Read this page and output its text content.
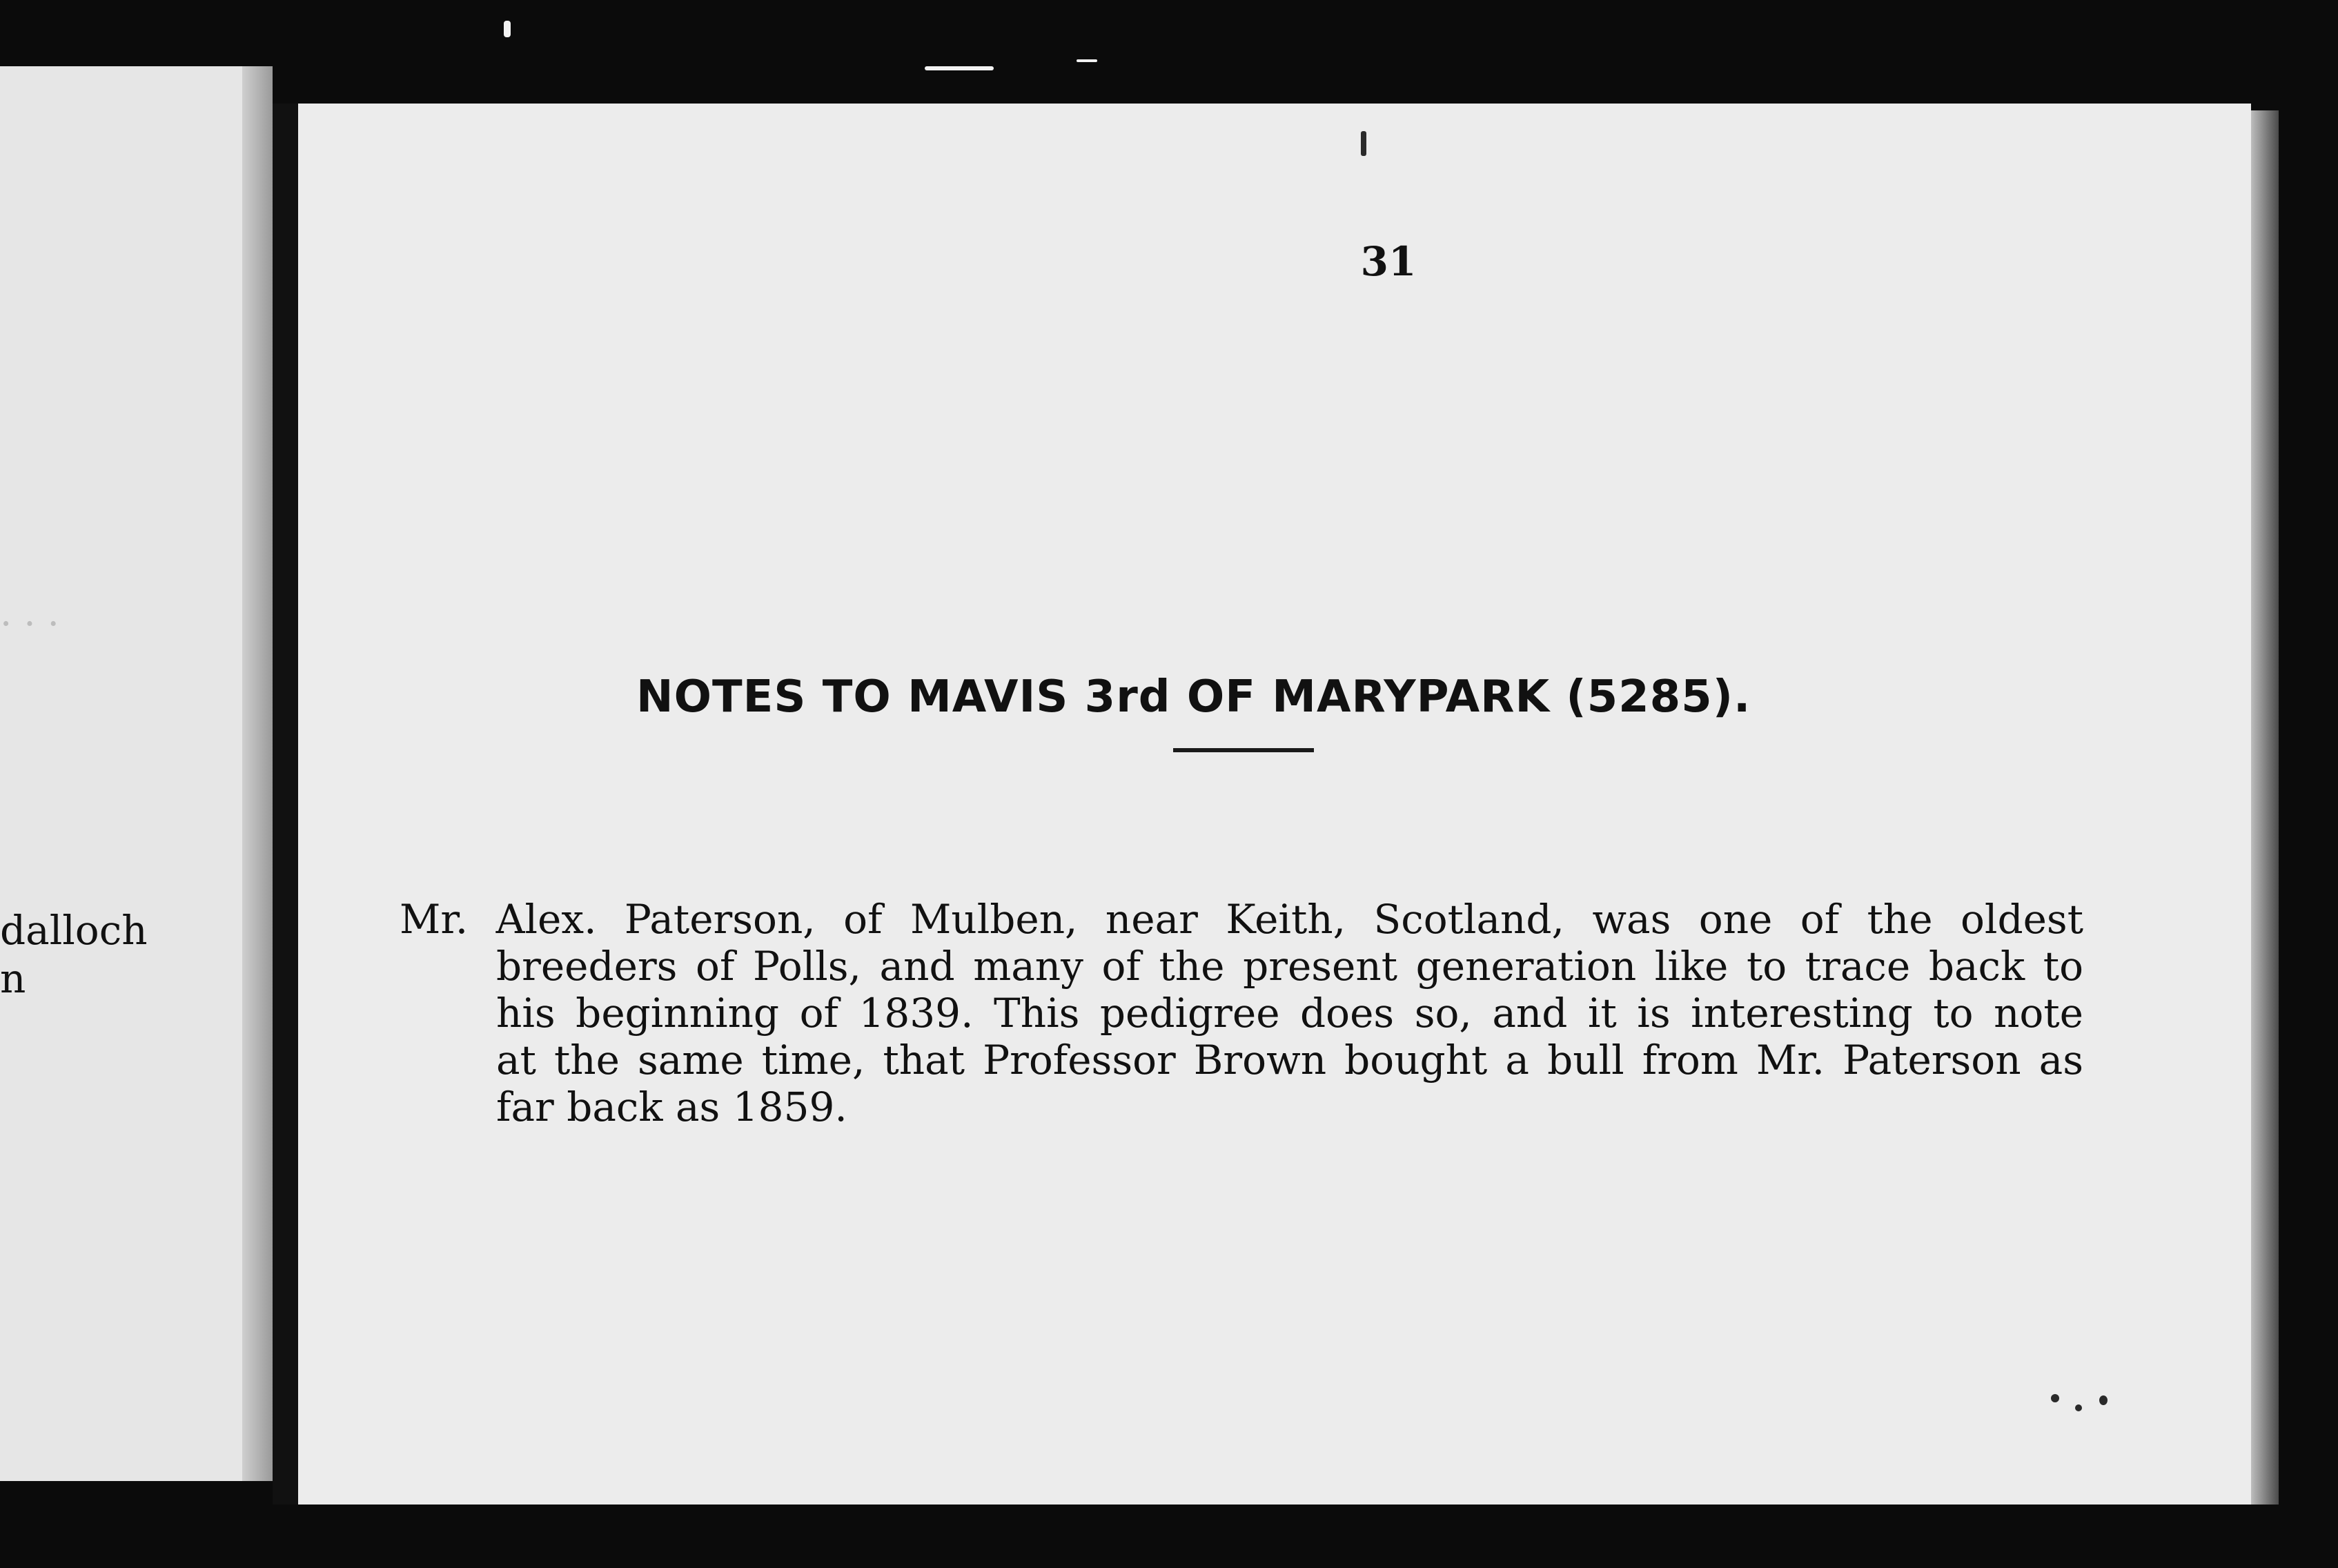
. . .
dalloch
n
31
NOTES TO MAVIS 3rd OF MARYPARK (5285).
Mr. Alex. Paterson, of Mulben, near Keith, Scotland, was one of the oldest
breeders of Polls, and many of the present generation like to trace back to
his beginning of 1839. This pedigree does so, and it is interesting to note
at the same time, that Professor Brown bought a bull from Mr. Paterson as
far back as 1859.
